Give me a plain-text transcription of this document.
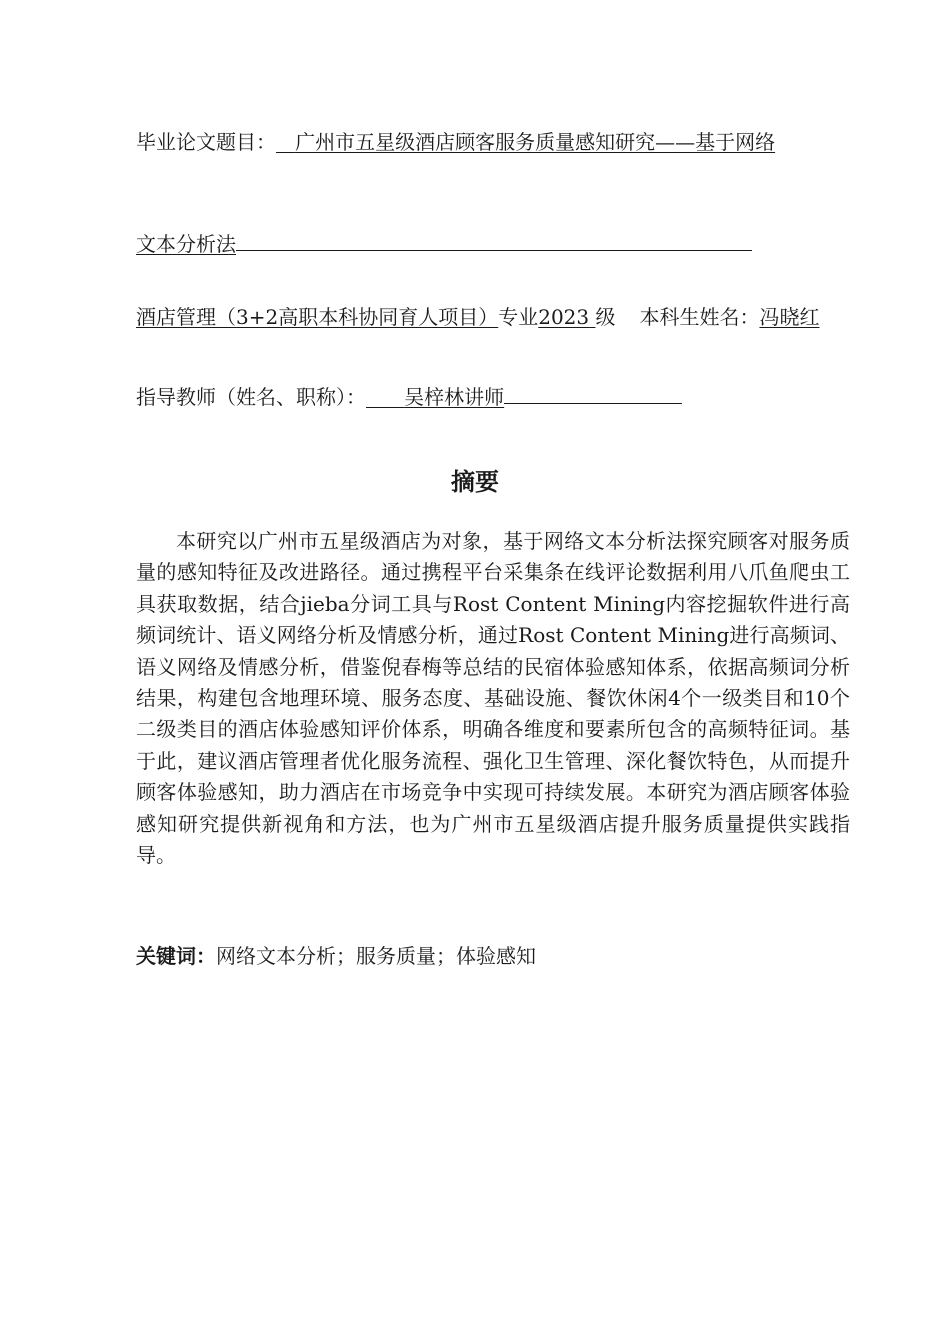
毕业论文题目： 广州市五星级酒店顾客服务质量感知研究——基于网络
文本分析法
酒店管理（3+2高职本科协同育人项目）专业2023 级 本科生姓名：冯晓红
指导教师（姓名、职称）： 吴梓林讲师
摘要

本研究以广州市五星级酒店为对象，基于网络文本分析法探究顾客对服务质量的感知特征及改进路径。通过携程平台采集条在线评论数据利用八爪鱼爬虫工具获取数据，结合jieba分词工具与Rost Content Mining内容挖掘软件进行高频词统计、语义网络分析及情感分析，通过Rost Content Mining进行高频词、语义网络及情感分析，借鉴倪春梅等总结的民宿体验感知体系，依据高频词分析结果，构建包含地理环境、服务态度、基础设施、餐饮休闲4个一级类目和10个二级类目的酒店体验感知评价体系，明确各维度和要素所包含的高频特征词。基于此，建议酒店管理者优化服务流程、强化卫生管理、深化餐饮特色，从而提升顾客体验感知，助力酒店在市场竞争中实现可持续发展。本研究为酒店顾客体验感知研究提供新视角和方法，也为广州市五星级酒店提升服务质量提供实践指导。

关键词：网络文本分析；服务质量；体验感知
